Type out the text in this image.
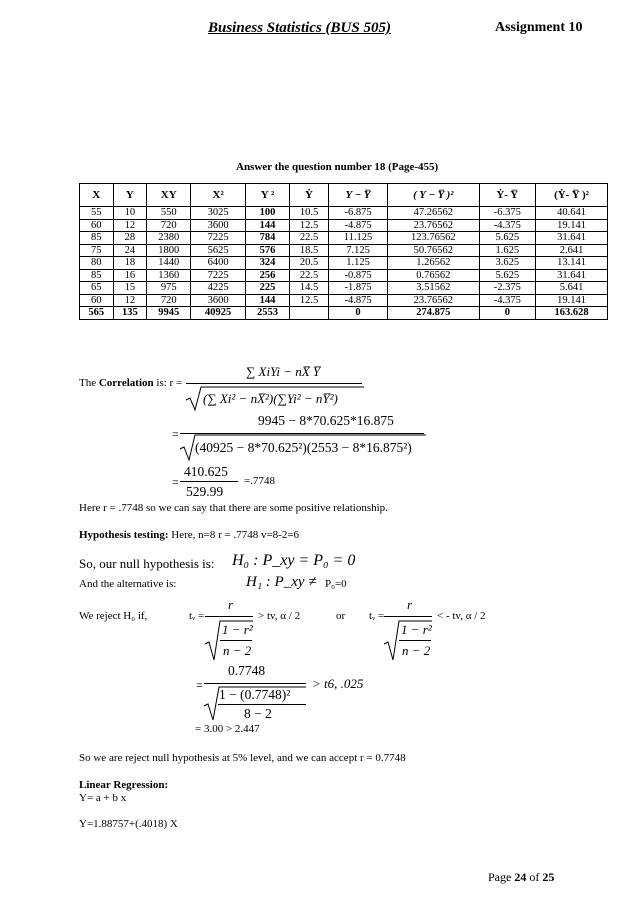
Business Statistics (BUS 505)	Assignment 10
Answer the question number 18 (Page-455)
X	Y	XY	X²	Y ²	Ẏ	Y − Y̅	( Y − Y̅ )²	Ẏ- Y̅	(Ẏ- Y̅ )²
55	10	550	3025	100	10.5	-6.875	47.26562	-6.375	40.641
60	12	720	3600	144	12.5	-4.875	23.76562	-4.375	19.141
85	28	2380	7225	784	22.5	11.125	123.76562	5.625	31.641
75	24	1800	5625	576	18.5	7.125	50.76562	1.625	2.641
80	18	1440	6400	324	20.5	1.125	1.26562	3.625	13.141
85	16	1360	7225	256	22.5	-0.875	0.76562	5.625	31.641
65	15	975	4225	225	14.5	-1.875	3.51562	-2.375	5.641
60	12	720	3600	144	12.5	-4.875	23.76562	-4.375	19.141
565	135	9945	40925	2553		0	274.875	0	163.628
The Correlation is: r =
∑ XiYi − nX̅ Y̅
(∑ Xi² − nX̅²)(∑Yi² − nY̅²)
=
9945 − 8*70.625*16.875
(40925 − 8*70.625²)(2553 − 8*16.875²)
=
410.625
529.99
=.7748
Here r = .7748 so we can say that there are some positive relationship.
Hypothesis testing: Here, n=8 r = .7748 v=8-2=6
So, our null hypothesis is: H₀ : P_xy = P₀ = 0
And the alternative is:	H₁ : P_xy ≠ P₀=0
We reject H₀ if,	tᵥ =
r
1 − r²
n − 2
> tv, α / 2	or tᵥ =
r
1 − r²
n − 2
< - tv, α / 2
=
0.7748
1 − (0.7748)²
8 − 2
> t6, .025
= 3.00 > 2.447
So we are reject null hypothesis at 5% level, and we can accept r = 0.7748
Linear Regression:
Y= a + b x
Y=1.88757+(.4018) X
Page 24 of 25
